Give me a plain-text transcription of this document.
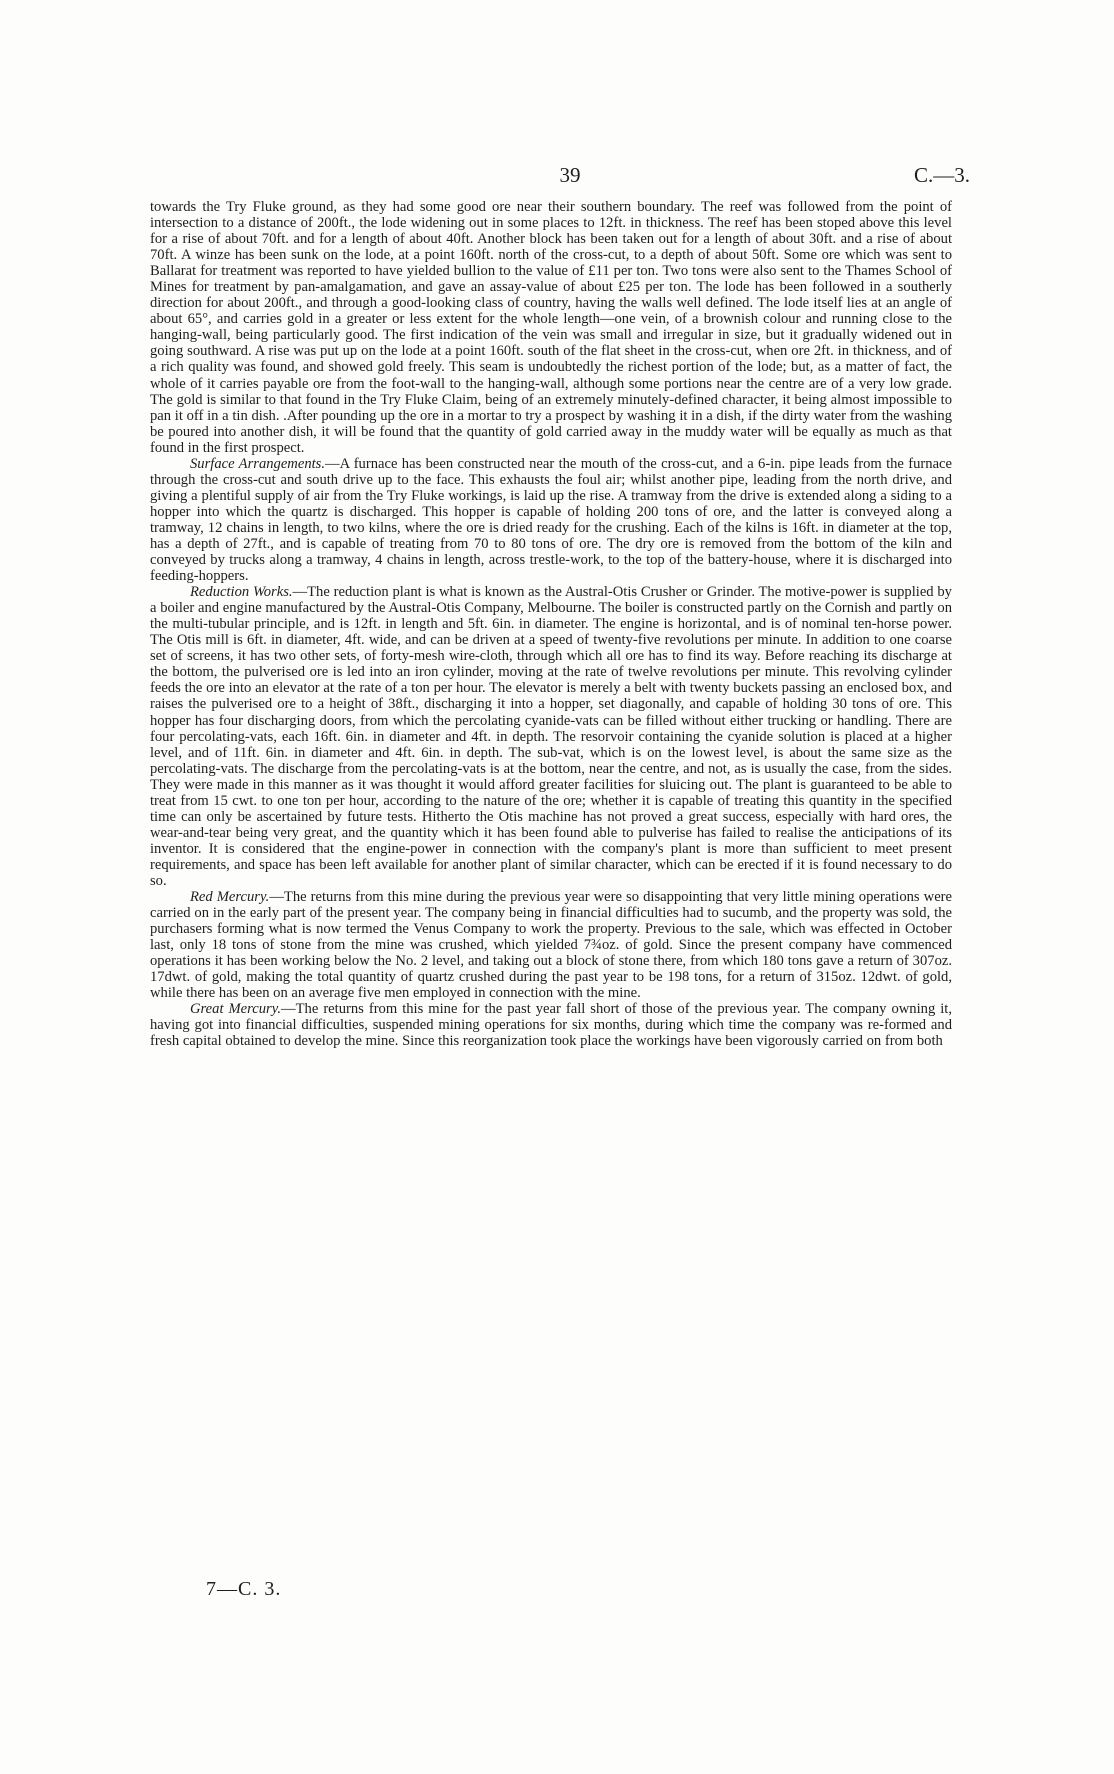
39	C.—3.

towards the Try Fluke ground, as they had some good ore near their southern boundary. The reef was followed from the point of intersection to a distance of 200ft., the lode widening out in some places to 12ft. in thickness. The reef has been stoped above this level for a rise of about 70ft. and for a length of about 40ft. Another block has been taken out for a length of about 30ft. and a rise of about 70ft. A winze has been sunk on the lode, at a point 160ft. north of the cross-cut, to a depth of about 50ft. Some ore which was sent to Ballarat for treatment was reported to have yielded bullion to the value of £11 per ton. Two tons were also sent to the Thames School of Mines for treatment by pan-amalgamation, and gave an assay-value of about £25 per ton. The lode has been followed in a southerly direction for about 200ft., and through a good-looking class of country, having the walls well defined. The lode itself lies at an angle of about 65°, and carries gold in a greater or less extent for the whole length—one vein, of a brownish colour and running close to the hanging-wall, being particularly good. The first indication of the vein was small and irregular in size, but it gradually widened out in going southward. A rise was put up on the lode at a point 160ft. south of the flat sheet in the cross-cut, when ore 2ft. in thickness, and of a rich quality was found, and showed gold freely. This seam is undoubtedly the richest portion of the lode; but, as a matter of fact, the whole of it carries payable ore from the foot-wall to the hanging-wall, although some portions near the centre are of a very low grade. The gold is similar to that found in the Try Fluke Claim, being of an extremely minutely-defined character, it being almost impossible to pan it off in a tin dish. .After pounding up the ore in a mortar to try a prospect by washing it in a dish, if the dirty water from the washing be poured into another dish, it will be found that the quantity of gold carried away in the muddy water will be equally as much as that found in the first prospect.

Surface Arrangements.—A furnace has been constructed near the mouth of the cross-cut, and a 6-in. pipe leads from the furnace through the cross-cut and south drive up to the face. This exhausts the foul air; whilst another pipe, leading from the north drive, and giving a plentiful supply of air from the Try Fluke workings, is laid up the rise. A tramway from the drive is extended along a siding to a hopper into which the quartz is discharged. This hopper is capable of holding 200 tons of ore, and the latter is conveyed along a tramway, 12 chains in length, to two kilns, where the ore is dried ready for the crushing. Each of the kilns is 16ft. in diameter at the top, has a depth of 27ft., and is capable of treating from 70 to 80 tons of ore. The dry ore is removed from the bottom of the kiln and conveyed by trucks along a tramway, 4 chains in length, across trestle-work, to the top of the battery-house, where it is discharged into feeding-hoppers.

Reduction Works.—The reduction plant is what is known as the Austral-Otis Crusher or Grinder. The motive-power is supplied by a boiler and engine manufactured by the Austral-Otis Company, Melbourne. The boiler is constructed partly on the Cornish and partly on the multi-tubular principle, and is 12ft. in length and 5ft. 6in. in diameter. The engine is horizontal, and is of nominal ten-horse power. The Otis mill is 6ft. in diameter, 4ft. wide, and can be driven at a speed of twenty-five revolutions per minute. In addition to one coarse set of screens, it has two other sets, of forty-mesh wire-cloth, through which all ore has to find its way. Before reaching its discharge at the bottom, the pulverised ore is led into an iron cylinder, moving at the rate of twelve revolutions per minute. This revolving cylinder feeds the ore into an elevator at the rate of a ton per hour. The elevator is merely a belt with twenty buckets passing an enclosed box, and raises the pulverised ore to a height of 38ft., discharging it into a hopper, set diagonally, and capable of holding 30 tons of ore. This hopper has four discharging doors, from which the percolating cyanide-vats can be filled without either trucking or handling. There are four percolating-vats, each 16ft. 6in. in diameter and 4ft. in depth. The resorvoir containing the cyanide solution is placed at a higher level, and of 11ft. 6in. in diameter and 4ft. 6in. in depth. The sub-vat, which is on the lowest level, is about the same size as the percolating-vats. The discharge from the percolating-vats is at the bottom, near the centre, and not, as is usually the case, from the sides. They were made in this manner as it was thought it would afford greater facilities for sluicing out. The plant is guaranteed to be able to treat from 15 cwt. to one ton per hour, according to the nature of the ore; whether it is capable of treating this quantity in the specified time can only be ascertained by future tests. Hitherto the Otis machine has not proved a great success, especially with hard ores, the wear-and-tear being very great, and the quantity which it has been found able to pulverise has failed to realise the anticipations of its inventor. It is considered that the engine-power in connection with the company's plant is more than sufficient to meet present requirements, and space has been left available for another plant of similar character, which can be erected if it is found necessary to do so.

Red Mercury.—The returns from this mine during the previous year were so disappointing that very little mining operations were carried on in the early part of the present year. The company being in financial difficulties had to sucumb, and the property was sold, the purchasers forming what is now termed the Venus Company to work the property. Previous to the sale, which was effected in October last, only 18 tons of stone from the mine was crushed, which yielded 7¾oz. of gold. Since the present company have commenced operations it has been working below the No. 2 level, and taking out a block of stone there, from which 180 tons gave a return of 307oz. 17dwt. of gold, making the total quantity of quartz crushed during the past year to be 198 tons, for a return of 315oz. 12dwt. of gold, while there has been on an average five men employed in connection with the mine.

Great Mercury.—The returns from this mine for the past year fall short of those of the previous year. The company owning it, having got into financial difficulties, suspended mining operations for six months, during which time the company was re-formed and fresh capital obtained to develop the mine. Since this reorganization took place the workings have been vigorously carried on from both

7—C. 3.
